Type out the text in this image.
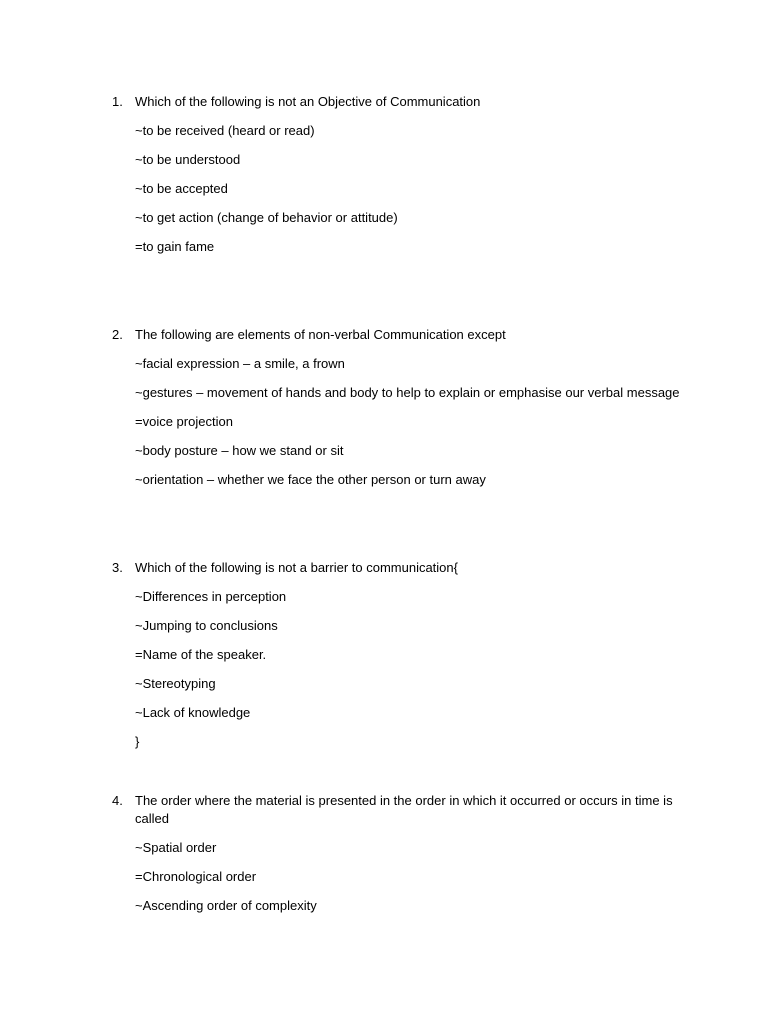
1. Which of the following is not an Objective of Communication
~to be received (heard or read)
~to be understood
~to be accepted
~to get action (change of behavior or attitude)
=to gain fame
2. The following are elements of non-verbal Communication except
~facial expression – a smile, a frown
~gestures – movement of hands and body to help to explain or emphasise our verbal message
=voice projection
~body posture – how we stand or sit
~orientation – whether we face the other person or turn away
3. Which of the following is not a barrier to communication{
~Differences in perception
~Jumping to conclusions
=Name of the speaker.
~Stereotyping
~Lack of knowledge
}
4. The order where the material is presented in the order in which it occurred or occurs in time is called
~Spatial order
=Chronological order
~Ascending order of complexity
